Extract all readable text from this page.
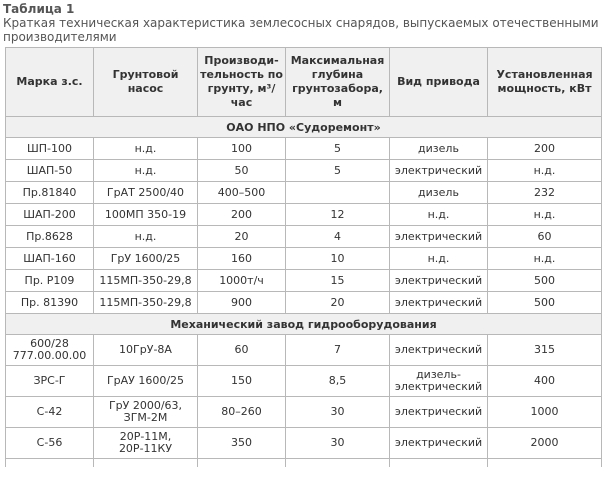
Таблица 1
Краткая техническая характеристика землесосных снарядов, выпускаемых отечественными производителями
Марка з.с.	Грунтовой насос	Производи-тельность по грунту, м³/час	Максимальная глубина грунтозабора, м	Вид привода	Установленная мощность, кВт
ОАО НПО «Судоремонт»					
ШП-100	н.д.	100	5	дизель	200
ШАП-50	н.д.	50	5	электрический	н.д.
Пр.81840	ГрАТ 2500/40	400–500		дизель	232
ШАП-200	100МП 350-19	200	12	н.д.	н.д.
Пр.8628	н.д.	20	4	электрический	60
ШАП-160	ГрУ 1600/25	160	10	н.д.	н.д.
Пр. Р109	115МП-350-29,8	1000т/ч	15	электрический	500
Пр. 81390	115МП-350-29,8	900	20	электрический	500
Механический завод гидрооборудования					
600/28 777.00.00.00	10ГрУ-8А	60	7	электрический	315
ЗРС-Г	ГрАУ 1600/25	150	8,5	дизель-электрический	400
С-42	ГрУ 2000/63, ЗГМ-2М	80–260	30	электрический	1000
С-56	20Р-11М, 20Р-11КУ	350	30	электрический	2000
